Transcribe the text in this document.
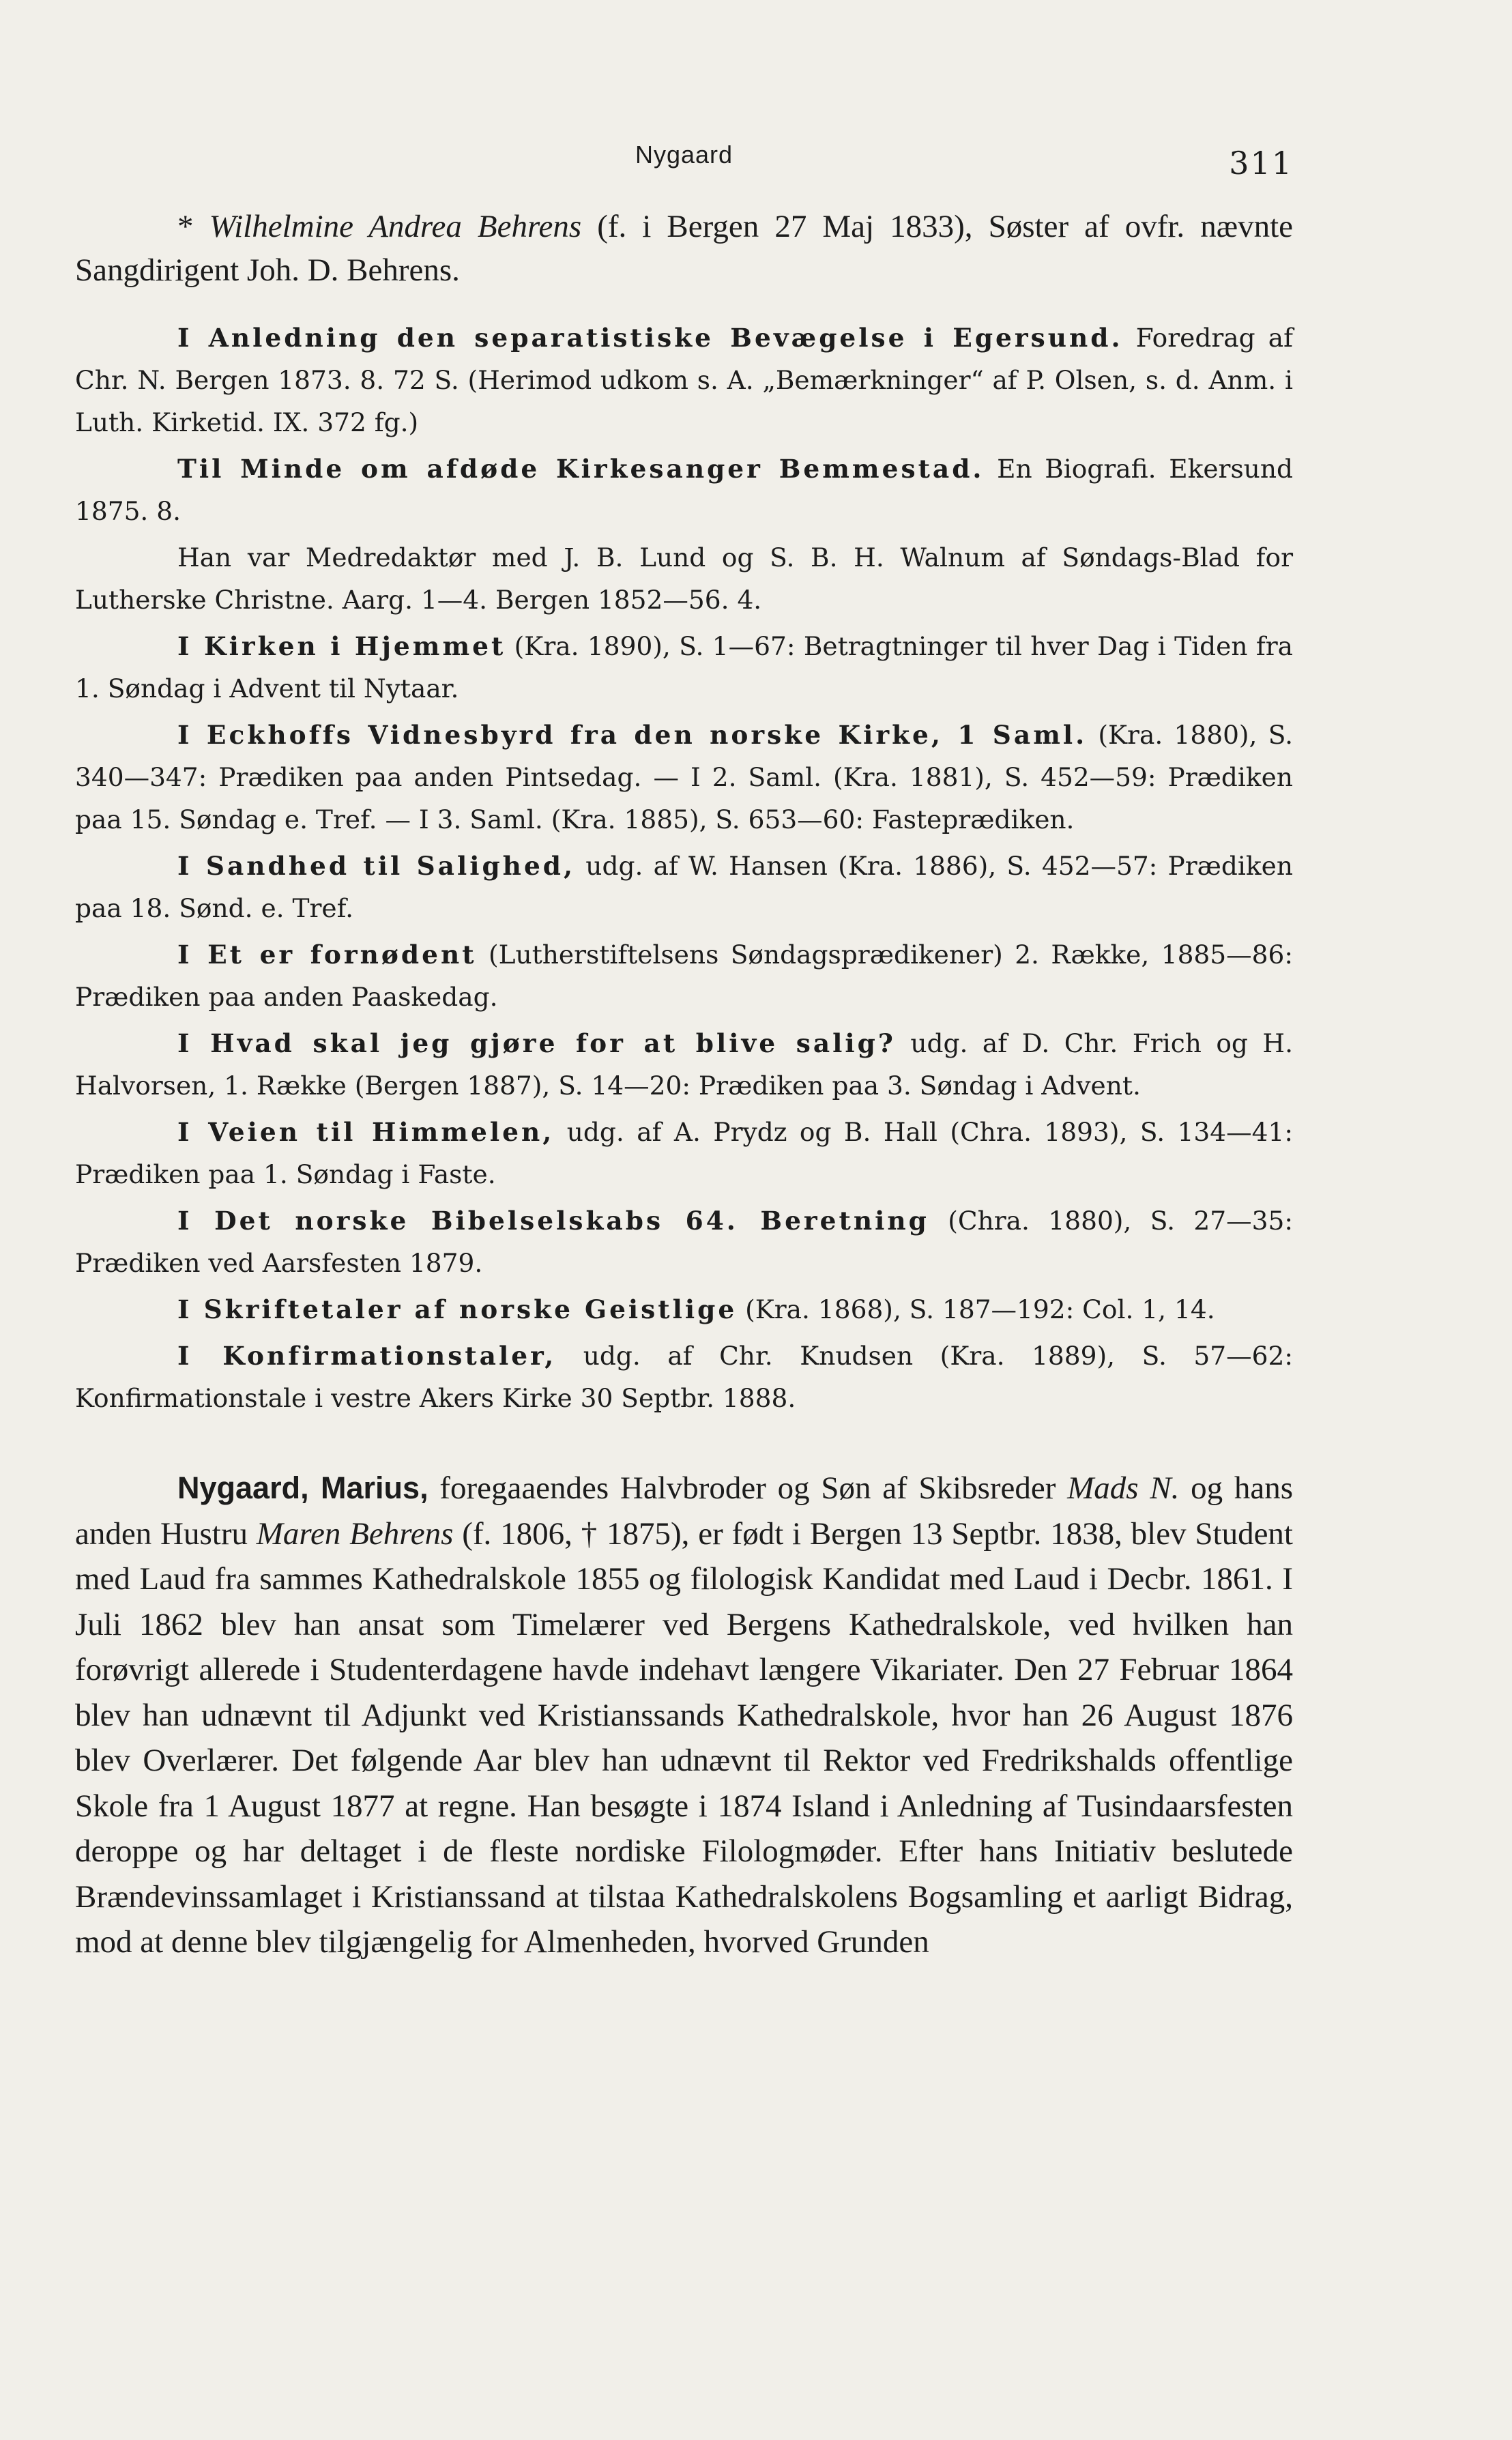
Nygaard	311

* Wilhelmine Andrea Behrens (f. i Bergen 27 Maj 1833), Søster af ovfr. nævnte Sangdirigent Joh. D. Behrens.

I Anledning den separatistiske Bevægelse i Egersund. Foredrag af Chr. N. Bergen 1873. 8. 72 S. (Herimod udkom s. A. „Bemærkninger“ af P. Olsen, s. d. Anm. i Luth. Kirketid. IX. 372 fg.)

Til Minde om afdøde Kirkesanger Bemmestad. En Biografi. Ekersund 1875. 8.

Han var Medredaktør med J. B. Lund og S. B. H. Walnum af Søndags-Blad for Lutherske Christne. Aarg. 1—4. Bergen 1852—56. 4.

I Kirken i Hjemmet (Kra. 1890), S. 1—67: Betragtninger til hver Dag i Tiden fra 1. Søndag i Advent til Nytaar.

I Eckhoffs Vidnesbyrd fra den norske Kirke, 1 Saml. (Kra. 1880), S. 340—347: Prædiken paa anden Pintsedag. — I 2. Saml. (Kra. 1881), S. 452—59: Prædiken paa 15. Søndag e. Tref. — I 3. Saml. (Kra. 1885), S. 653—60: Fasteprædiken.

I Sandhed til Salighed, udg. af W. Hansen (Kra. 1886), S. 452—57: Prædiken paa 18. Sønd. e. Tref.

I Et er fornødent (Lutherstiftelsens Søndagsprædikener) 2. Række, 1885—86: Prædiken paa anden Paaskedag.

I Hvad skal jeg gjøre for at blive salig? udg. af D. Chr. Frich og H. Halvorsen, 1. Række (Bergen 1887), S. 14—20: Prædiken paa 3. Søndag i Advent.

I Veien til Himmelen, udg. af A. Prydz og B. Hall (Chra. 1893), S. 134—41: Prædiken paa 1. Søndag i Faste.

I Det norske Bibelselskabs 64. Beretning (Chra. 1880), S. 27—35: Prædiken ved Aarsfesten 1879.

I Skriftetaler af norske Geistlige (Kra. 1868), S. 187—192: Col. 1, 14.

I Konfirmationstaler, udg. af Chr. Knudsen (Kra. 1889), S. 57—62: Konfirmationstale i vestre Akers Kirke 30 Septbr. 1888.

Nygaard, Marius, foregaaendes Halvbroder og Søn af Skibsreder Mads N. og hans anden Hustru Maren Behrens (f. 1806, † 1875), er født i Bergen 13 Septbr. 1838, blev Student med Laud fra sammes Kathedralskole 1855 og filologisk Kandidat med Laud i Decbr. 1861. I Juli 1862 blev han ansat som Timelærer ved Bergens Kathedralskole, ved hvilken han forøvrigt allerede i Studenterdagene havde indehavt længere Vikariater. Den 27 Februar 1864 blev han udnævnt til Adjunkt ved Kristianssands Kathedralskole, hvor han 26 August 1876 blev Overlærer. Det følgende Aar blev han udnævnt til Rektor ved Fredrikshalds offentlige Skole fra 1 August 1877 at regne. Han besøgte i 1874 Island i Anledning af Tusindaarsfesten deroppe og har deltaget i de fleste nordiske Filologmøder. Efter hans Initiativ beslutede Brændevinssamlaget i Kristianssand at tilstaa Kathedralskolens Bogsamling et aarligt Bidrag, mod at denne blev tilgjængelig for Almenheden, hvorved Grunden
